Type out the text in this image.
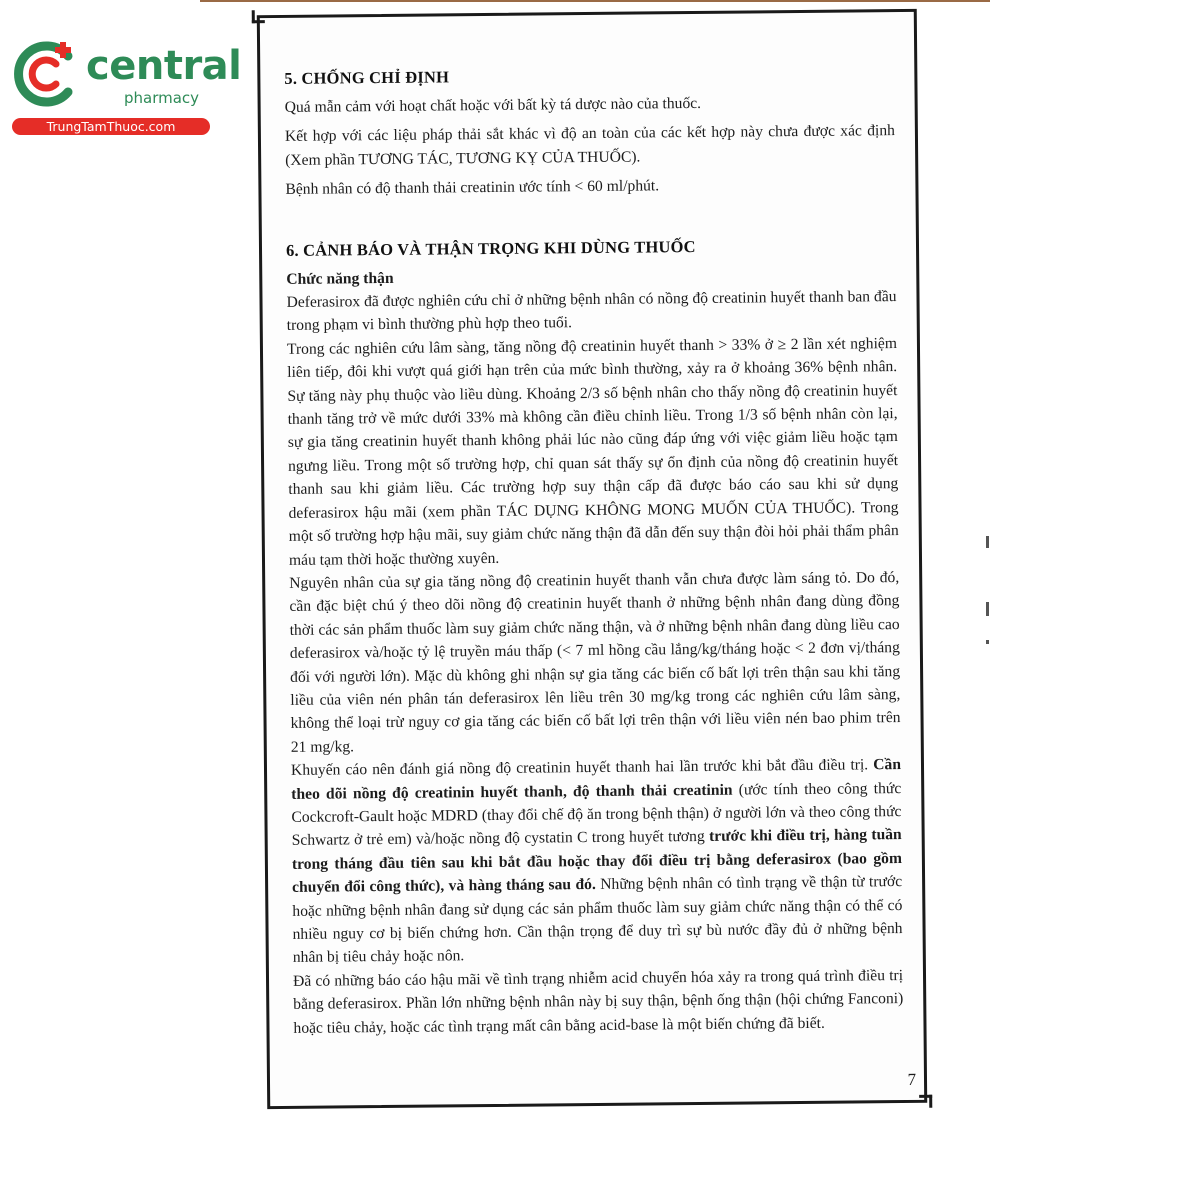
central
pharmacy
TrungTamThuoc.com
5. CHỐNG CHỈ ĐỊNH

Quá mẫn cảm với hoạt chất hoặc với bất kỳ tá dược nào của thuốc.

Kết hợp với các liệu pháp thải sắt khác vì độ an toàn của các kết hợp này chưa được xác định (Xem phần TƯƠNG TÁC, TƯƠNG KỴ CỦA THUỐC).

Bệnh nhân có độ thanh thải creatinin ước tính < 60 ml/phút.

6. CẢNH BÁO VÀ THẬN TRỌNG KHI DÙNG THUỐC

Chức năng thận

Deferasirox đã được nghiên cứu chỉ ở những bệnh nhân có nồng độ creatinin huyết thanh ban đầu trong phạm vi bình thường phù hợp theo tuổi.

Trong các nghiên cứu lâm sàng, tăng nồng độ creatinin huyết thanh > 33% ở ≥ 2 lần xét nghiệm liên tiếp, đôi khi vượt quá giới hạn trên của mức bình thường, xảy ra ở khoảng 36% bệnh nhân. Sự tăng này phụ thuộc vào liều dùng. Khoảng 2/3 số bệnh nhân cho thấy nồng độ creatinin huyết thanh tăng trở về mức dưới 33% mà không cần điều chỉnh liều. Trong 1/3 số bệnh nhân còn lại, sự gia tăng creatinin huyết thanh không phải lúc nào cũng đáp ứng với việc giảm liều hoặc tạm ngưng liều. Trong một số trường hợp, chỉ quan sát thấy sự ổn định của nồng độ creatinin huyết thanh sau khi giảm liều. Các trường hợp suy thận cấp đã được báo cáo sau khi sử dụng deferasirox hậu mãi (xem phần TÁC DỤNG KHÔNG MONG MUỐN CỦA THUỐC). Trong một số trường hợp hậu mãi, suy giảm chức năng thận đã dẫn đến suy thận đòi hỏi phải thẩm phân máu tạm thời hoặc thường xuyên.

Nguyên nhân của sự gia tăng nồng độ creatinin huyết thanh vẫn chưa được làm sáng tỏ. Do đó, cần đặc biệt chú ý theo dõi nồng độ creatinin huyết thanh ở những bệnh nhân đang dùng đồng thời các sản phẩm thuốc làm suy giảm chức năng thận, và ở những bệnh nhân đang dùng liều cao deferasirox và/hoặc tỷ lệ truyền máu thấp (< 7 ml hồng cầu lắng/kg/tháng hoặc < 2 đơn vị/tháng đối với người lớn). Mặc dù không ghi nhận sự gia tăng các biến cố bất lợi trên thận sau khi tăng liều của viên nén phân tán deferasirox lên liều trên 30 mg/kg trong các nghiên cứu lâm sàng, không thể loại trừ nguy cơ gia tăng các biến cố bất lợi trên thận với liều viên nén bao phim trên 21 mg/kg.

Khuyến cáo nên đánh giá nồng độ creatinin huyết thanh hai lần trước khi bắt đầu điều trị. Cần theo dõi nồng độ creatinin huyết thanh, độ thanh thải creatinin (ước tính theo công thức Cockcroft-Gault hoặc MDRD (thay đổi chế độ ăn trong bệnh thận) ở người lớn và theo công thức Schwartz ở trẻ em) và/hoặc nồng độ cystatin C trong huyết tương trước khi điều trị, hàng tuần trong tháng đầu tiên sau khi bắt đầu hoặc thay đổi điều trị bằng deferasirox (bao gồm chuyển đổi công thức), và hàng tháng sau đó. Những bệnh nhân có tình trạng về thận từ trước hoặc những bệnh nhân đang sử dụng các sản phẩm thuốc làm suy giảm chức năng thận có thể có nhiều nguy cơ bị biến chứng hơn. Cần thận trọng để duy trì sự bù nước đầy đủ ở những bệnh nhân bị tiêu chảy hoặc nôn.

Đã có những báo cáo hậu mãi về tình trạng nhiễm acid chuyển hóa xảy ra trong quá trình điều trị bằng deferasirox. Phần lớn những bệnh nhân này bị suy thận, bệnh ống thận (hội chứng Fanconi) hoặc tiêu chảy, hoặc các tình trạng mất cân bằng acid-base là một biến chứng đã biết.

7
